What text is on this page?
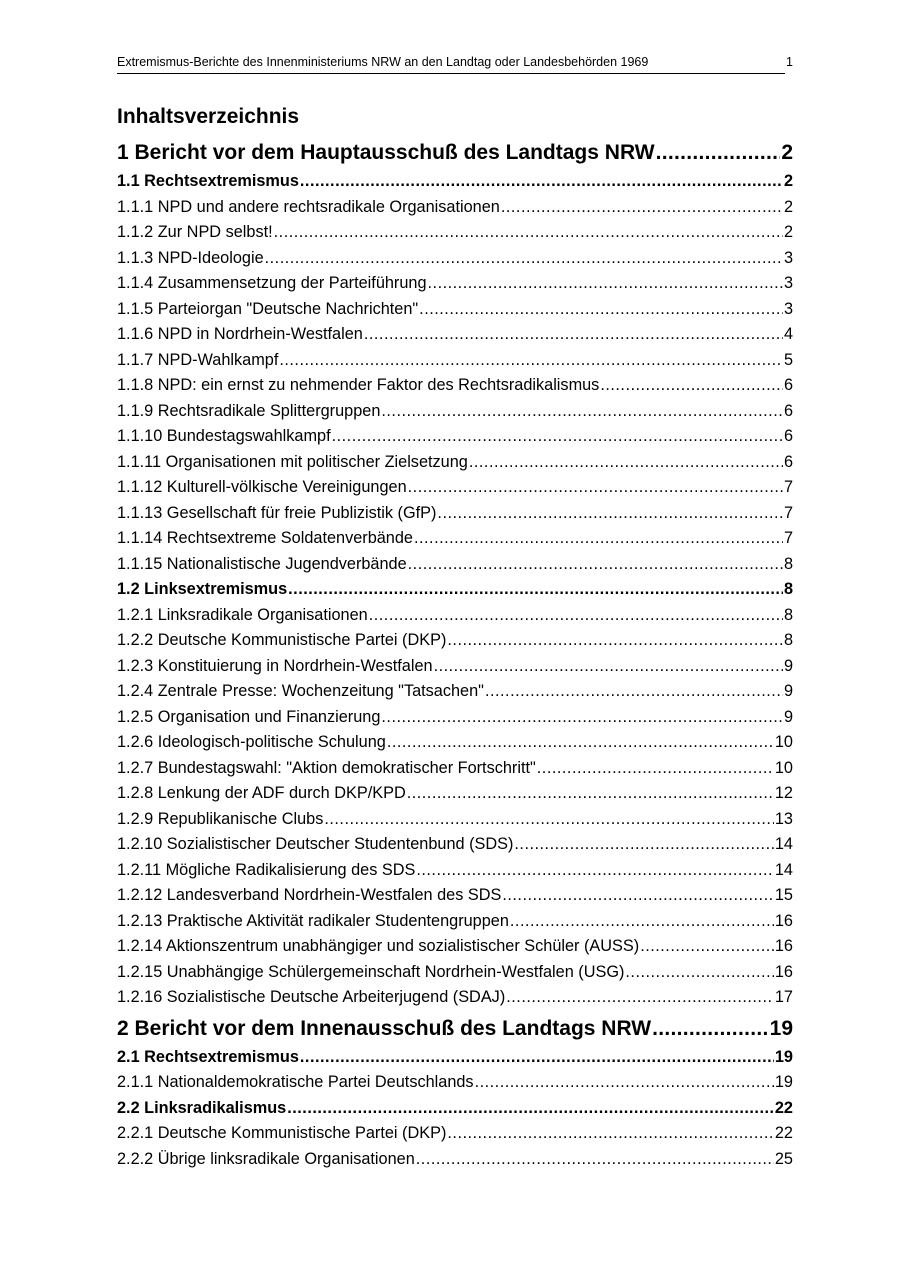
Extremismus-Berichte des Innenministeriums NRW an den Landtag oder Landesbehörden 1969	1
Inhaltsverzeichnis
1 Bericht vor dem Hauptausschuß des Landtags NRW .....	2
1.1 Rechtsextremismus .....	2
1.1.1 NPD und andere rechtsradikale Organisationen .....	2
1.1.2 Zur NPD selbst! .....	2
1.1.3 NPD-Ideologie .....	3
1.1.4 Zusammensetzung der Parteiführung .....	3
1.1.5 Parteiorgan "Deutsche Nachrichten" .....	3
1.1.6 NPD in Nordrhein-Westfalen .....	4
1.1.7 NPD-Wahlkampf .....	5
1.1.8 NPD: ein ernst zu nehmender Faktor des Rechtsradikalismus .....	6
1.1.9 Rechtsradikale Splittergruppen .....	6
1.1.10 Bundestagswahlkampf .....	6
1.1.11 Organisationen mit politischer Zielsetzung .....	6
1.1.12 Kulturell-völkische Vereinigungen .....	7
1.1.13 Gesellschaft für freie Publizistik (GfP) .....	7
1.1.14 Rechtsextreme Soldatenverbände .....	7
1.1.15 Nationalistische Jugendverbände .....	8
1.2 Linksextremismus .....	8
1.2.1 Linksradikale Organisationen .....	8
1.2.2 Deutsche Kommunistische Partei (DKP) .....	8
1.2.3 Konstituierung in Nordrhein-Westfalen .....	9
1.2.4 Zentrale Presse: Wochenzeitung "Tatsachen" .....	9
1.2.5 Organisation und Finanzierung .....	9
1.2.6 Ideologisch-politische Schulung .....	10
1.2.7 Bundestagswahl: "Aktion demokratischer Fortschritt" .....	10
1.2.8 Lenkung der ADF durch DKP/KPD .....	12
1.2.9 Republikanische Clubs .....	13
1.2.10 Sozialistischer Deutscher Studentenbund (SDS) .....	14
1.2.11 Mögliche Radikalisierung des SDS .....	14
1.2.12 Landesverband Nordrhein-Westfalen des SDS .....	15
1.2.13 Praktische Aktivität radikaler Studentengruppen .....	16
1.2.14 Aktionszentrum unabhängiger und sozialistischer Schüler (AUSS) .....	16
1.2.15 Unabhängige Schülergemeinschaft Nordrhein-Westfalen (USG) .....	16
1.2.16 Sozialistische Deutsche Arbeiterjugend (SDAJ) .....	17
2 Bericht vor dem Innenausschuß des Landtags NRW .....	19
2.1 Rechtsextremismus .....	19
2.1.1 Nationaldemokratische Partei Deutschlands .....	19
2.2 Linksradikalismus .....	22
2.2.1 Deutsche Kommunistische Partei (DKP) .....	22
2.2.2 Übrige linksradikale Organisationen .....	25
